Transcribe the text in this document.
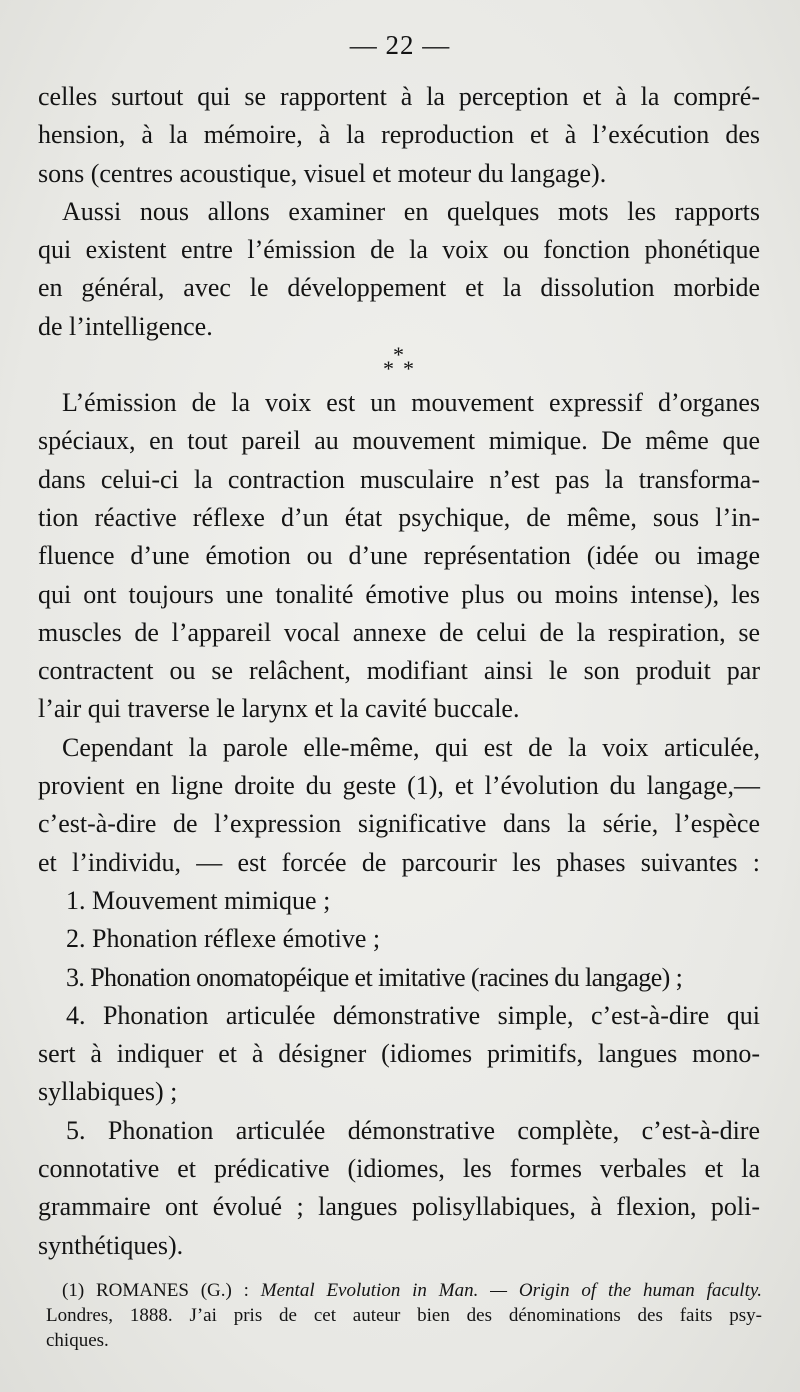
— 22 —
celles surtout qui se rapportent à la perception et à la compré-
hension, à la mémoire, à la reproduction et à l’exécution des
sons (centres acoustique, visuel et moteur du langage).
Aussi nous allons examiner en quelques mots les rapports
qui existent entre l’émission de la voix ou fonction phonétique
en général, avec le développement et la dissolution morbide
de l’intelligence.
L’émission de la voix est un mouvement expressif d’organes
spéciaux, en tout pareil au mouvement mimique. De même que
dans celui-ci la contraction musculaire n’est pas la transforma-
tion réactive réflexe d’un état psychique, de même, sous l’in-
fluence d’une émotion ou d’une représentation (idée ou image
qui ont toujours une tonalité émotive plus ou moins intense), les
muscles de l’appareil vocal annexe de celui de la respiration, se
contractent ou se relâchent, modifiant ainsi le son produit par
l’air qui traverse le larynx et la cavité buccale.
Cependant la parole elle-même, qui est de la voix articulée,
provient en ligne droite du geste (1), et l’évolution du langage,—
c’est-à-dire de l’expression significative dans la série, l’espèce
et l’individu, — est forcée de parcourir les phases suivantes :
1. Mouvement mimique ;
2. Phonation réflexe émotive ;
3. Phonation onomatopéique et imitative (racines du langage) ;
4. Phonation articulée démonstrative simple, c’est-à-dire qui
sert à indiquer et à désigner (idiomes primitifs, langues mono-
syllabiques) ;
5. Phonation articulée démonstrative complète, c’est-à-dire
connotative et prédicative (idiomes, les formes verbales et la
grammaire ont évolué ; langues polisyllabiques, à flexion, poli-
synthétiques).
*
* *
(1) ROMANES (G.) : Mental Evolution in Man. — Origin of the human faculty.
Londres, 1888. J’ai pris de cet auteur bien des dénominations des faits psy-
chiques.
